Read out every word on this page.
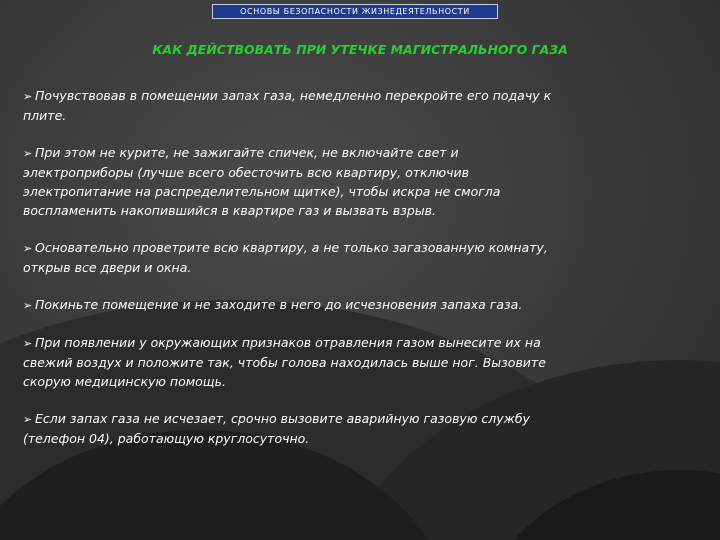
ОСНОВЫ БЕЗОПАСНОСТИ ЖИЗНЕДЕЯТЕЛЬНОСТИ
КАК ДЕЙСТВОВАТЬ ПРИ УТЕЧКЕ МАГИСТРАЛЬНОГО ГАЗА
➢ Почувствовав в помещении запах газа, немедленно перекройте его подачу к
плите.
➢ При этом не курите, не зажигайте спичек, не включайте свет и
электроприборы (лучше всего обесточить всю квартиру, отключив
электропитание на распределительном щитке), чтобы искра не смогла
воспламенить накопившийся в квартире газ и вызвать взрыв.
➢ Основательно проветрите всю квартиру, а не только загазованную комнату,
открыв все двери и окна.
➢ Покиньте помещение и не заходите в него до исчезновения запаха газа.
➢ При появлении у окружающих признаков отравления газом вынесите их на
свежий воздух и положите так, чтобы голова находилась выше ног. Вызовите
скорую медицинскую помощь.
➢ Если запах газа не исчезает, срочно вызовите аварийную газовую службу
(телефон 04), работающую круглосуточно.
